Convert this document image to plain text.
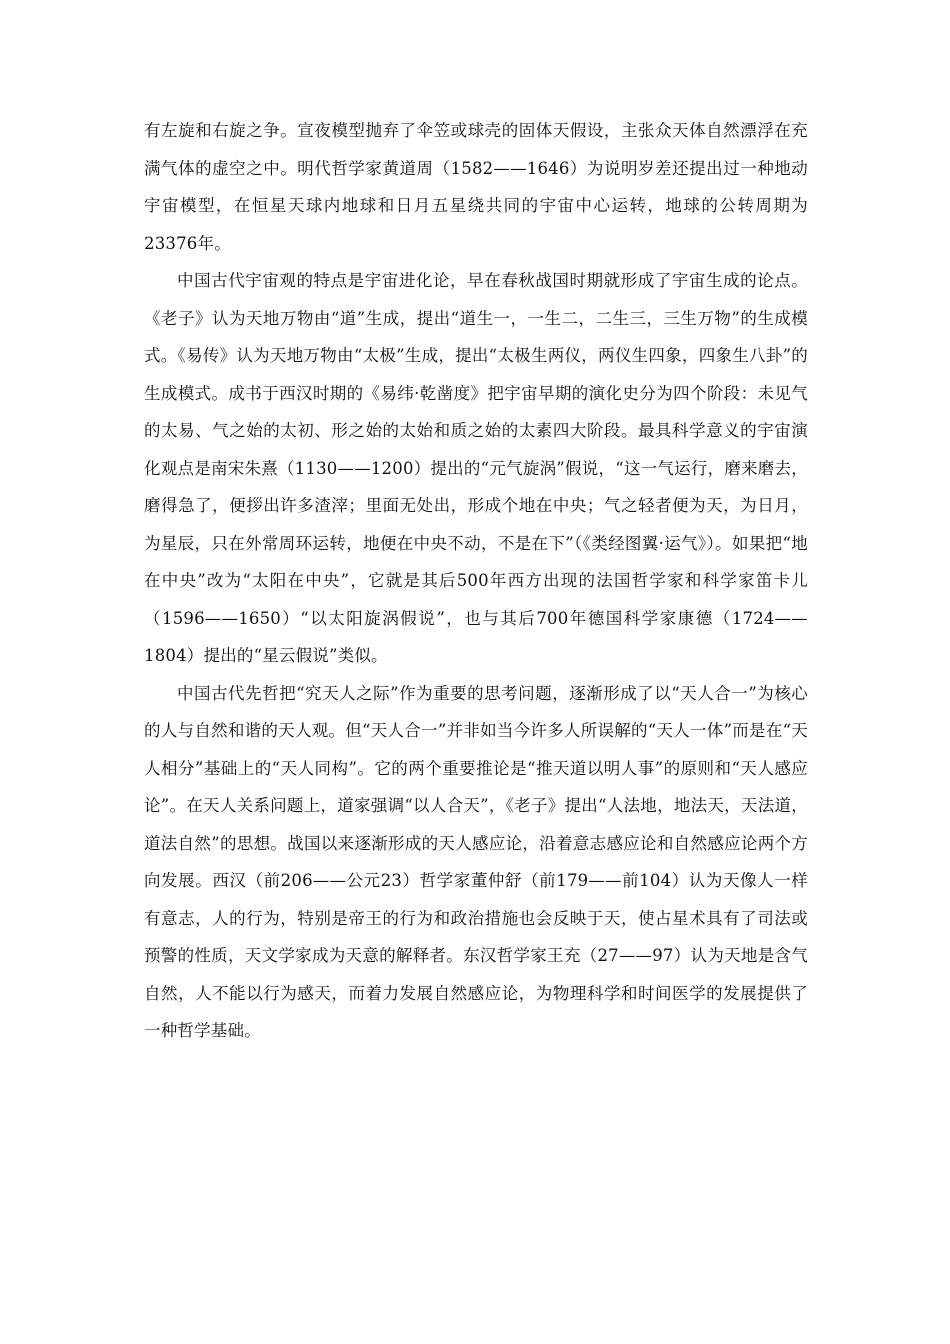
有左旋和右旋之争。宣夜模型抛弃了伞笠或球壳的固体天假设，主张众天体自然漂浮在充满气体的虚空之中。明代哲学家黄道周（1582——1646）为说明岁差还提出过一种地动宇宙模型，在恒星天球内地球和日月五星绕共同的宇宙中心运转，地球的公转周期为23376年。

中国古代宇宙观的特点是宇宙进化论，早在春秋战国时期就形成了宇宙生成的论点。《老子》认为天地万物由“道”生成，提出“道生一，一生二，二生三，三生万物”的生成模式。《易传》认为天地万物由“太极”生成，提出“太极生两仪，两仪生四象，四象生八卦”的生成模式。成书于西汉时期的《易纬·乾凿度》把宇宙早期的演化史分为四个阶段：未见气的太易、气之始的太初、形之始的太始和质之始的太素四大阶段。最具科学意义的宇宙演化观点是南宋朱熹（1130——1200）提出的“元气旋涡”假说，“这一气运行，磨来磨去，磨得急了，便拶出许多渣滓；里面无处出，形成个地在中央；气之轻者便为天，为日月，为星辰，只在外常周环运转，地便在中央不动，不是在下”（《类经图翼·运气》）。如果把“地在中央”改为“太阳在中央”，它就是其后500年西方出现的法国哲学家和科学家笛卡儿（1596——1650）“以太阳旋涡假说”，也与其后700年德国科学家康德（1724——1804）提出的“星云假说”类似。

中国古代先哲把“究天人之际”作为重要的思考问题，逐渐形成了以“天人合一”为核心的人与自然和谐的天人观。但“天人合一”并非如当今许多人所误解的“天人一体”而是在“天人相分”基础上的“天人同构”。它的两个重要推论是“推天道以明人事”的原则和“天人感应论”。在天人关系问题上，道家强调“以人合天”，《老子》提出“人法地，地法天，天法道，道法自然”的思想。战国以来逐渐形成的天人感应论，沿着意志感应论和自然感应论两个方向发展。西汉（前206——公元23）哲学家董仲舒（前179——前104）认为天像人一样有意志，人的行为，特别是帝王的行为和政治措施也会反映于天，使占星术具有了司法或预警的性质，天文学家成为天意的解释者。东汉哲学家王充（27——97）认为天地是含气自然，人不能以行为感天，而着力发展自然感应论，为物理科学和时间医学的发展提供了一种哲学基础。
